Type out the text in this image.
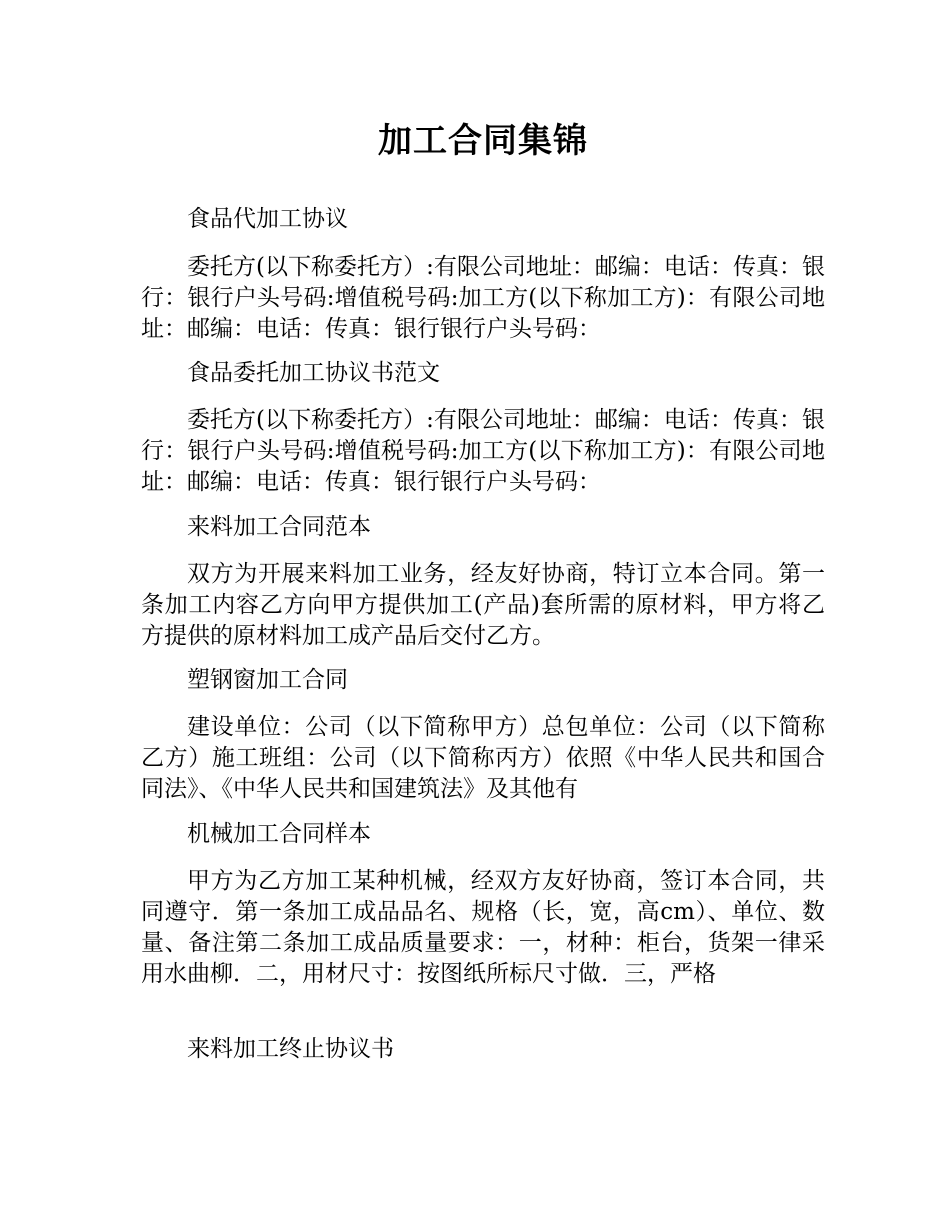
加工合同集锦

食品代加工协议

委托方(以下称委托方）:有限公司地址：邮编：电话：传真：银行：银行户头号码:增值税号码:加工方(以下称加工方)：有限公司地址：邮编：电话：传真：银行银行户头号码：

食品委托加工协议书范文

委托方(以下称委托方）:有限公司地址：邮编：电话：传真：银行：银行户头号码:增值税号码:加工方(以下称加工方)：有限公司地址：邮编：电话：传真：银行银行户头号码：

来料加工合同范本

双方为开展来料加工业务，经友好协商，特订立本合同。第一条加工内容乙方向甲方提供加工(产品)套所需的原材料，甲方将乙方提供的原材料加工成产品后交付乙方。

塑钢窗加工合同

建设单位：公司（以下简称甲方）总包单位：公司（以下简称乙方）施工班组：公司（以下简称丙方）依照《中华人民共和国合同法》、《中华人民共和国建筑法》及其他有

机械加工合同样本

甲方为乙方加工某种机械，经双方友好协商，签订本合同，共同遵守．第一条加工成品品名、规格（长，宽，高cm）、单位、数量、备注第二条加工成品质量要求：一，材种：柜台，货架一律采用水曲柳．二，用材尺寸：按图纸所标尺寸做．三，严格

来料加工终止协议书
